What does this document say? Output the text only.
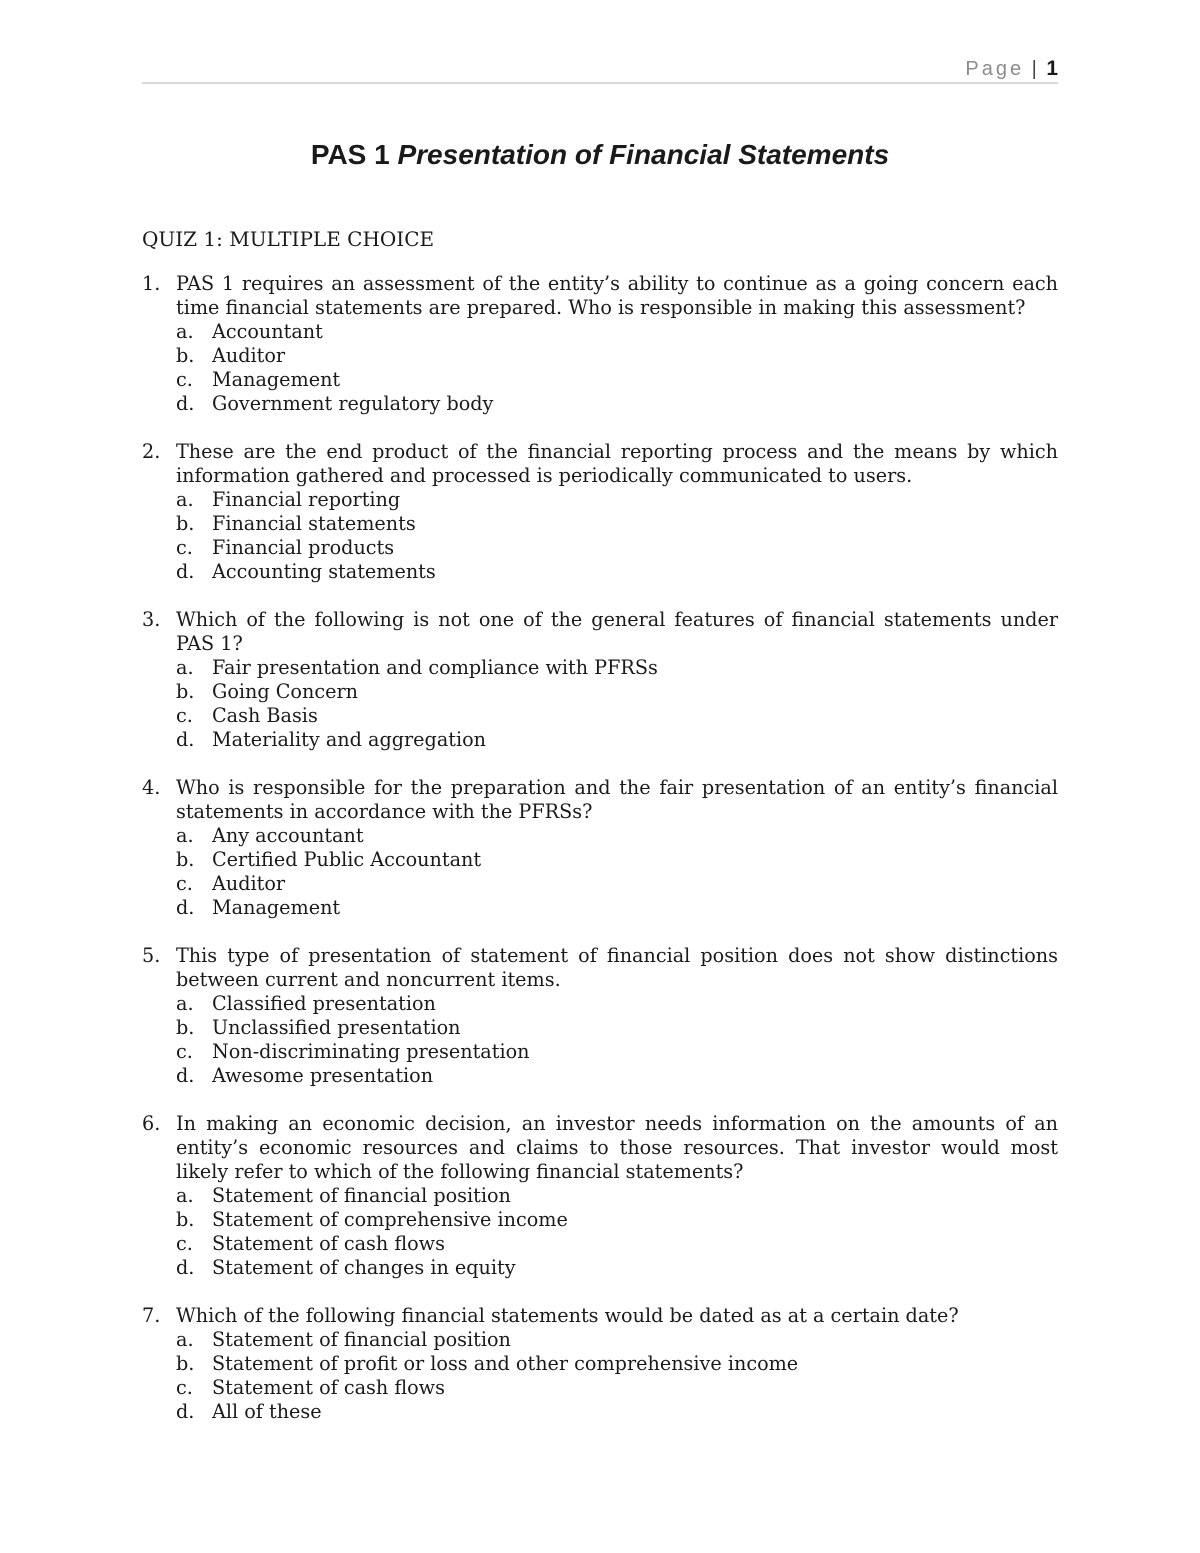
Page | 1
PAS 1 Presentation of Financial Statements
QUIZ 1: MULTIPLE CHOICE
1. PAS 1 requires an assessment of the entity’s ability to continue as a going concern each time financial statements are prepared. Who is responsible in making this assessment?

a. Accountant
b. Auditor
c. Management
d. Government regulatory body
2. These are the end product of the financial reporting process and the means by which information gathered and processed is periodically communicated to users.

a. Financial reporting
b. Financial statements
c. Financial products
d. Accounting statements
3. Which of the following is not one of the general features of financial statements under PAS 1?

a. Fair presentation and compliance with PFRSs
b. Going Concern
c. Cash Basis
d. Materiality and aggregation
4. Who is responsible for the preparation and the fair presentation of an entity’s financial statements in accordance with the PFRSs?

a. Any accountant
b. Certified Public Accountant
c. Auditor
d. Management
5. This type of presentation of statement of financial position does not show distinctions between current and noncurrent items.

a. Classified presentation
b. Unclassified presentation
c. Non-discriminating presentation
d. Awesome presentation
6. In making an economic decision, an investor needs information on the amounts of an entity’s economic resources and claims to those resources. That investor would most likely refer to which of the following financial statements?

a. Statement of financial position
b. Statement of comprehensive income
c. Statement of cash flows
d. Statement of changes in equity
7. Which of the following financial statements would be dated as at a certain date?

a. Statement of financial position
b. Statement of profit or loss and other comprehensive income
c. Statement of cash flows
d. All of these
